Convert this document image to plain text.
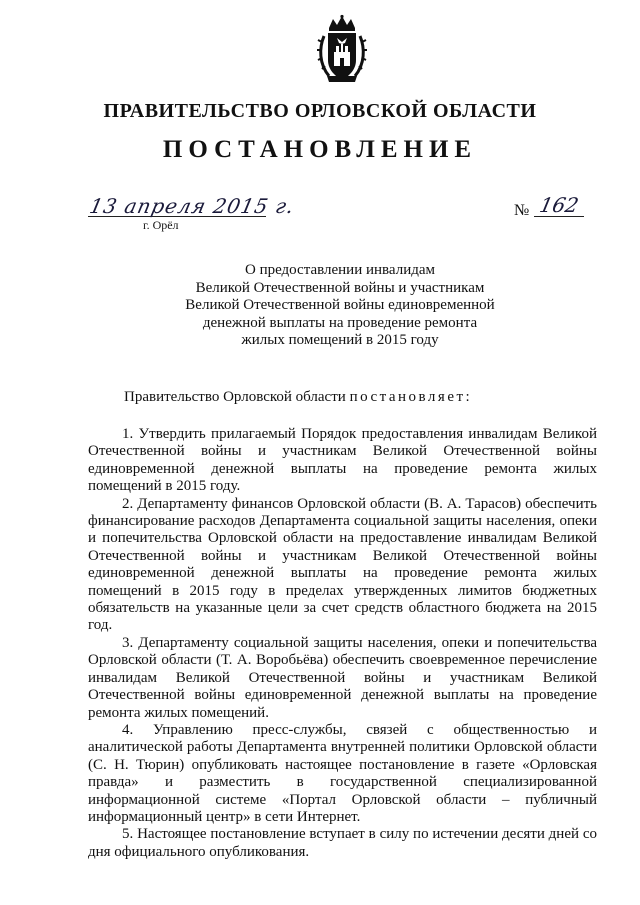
ПРАВИТЕЛЬСТВО ОРЛОВСКОЙ ОБЛАСТИ
ПОСТАНОВЛЕНИЕ
13 апреля 2015 г.
г. Орёл
№ 162
О предоставлении инвалидам
Великой Отечественной войны и участникам
Великой Отечественной войны единовременной
денежной выплаты на проведение ремонта
жилых помещений в 2015 году
Правительство Орловской области постановляет:

1. Утвердить прилагаемый Порядок предоставления инвалидам Великой Отечественной войны и участникам Великой Отечественной войны единовременной денежной выплаты на проведение ремонта жилых помещений в 2015 году.

2. Департаменту финансов Орловской области (В. А. Тарасов) обеспечить финансирование расходов Департамента социальной защиты населения, опеки и попечительства Орловской области на предоставление инвалидам Великой Отечественной войны и участникам Великой Отечественной войны единовременной денежной выплаты на проведение ремонта жилых помещений в 2015 году в пределах утвержденных лимитов бюджетных обязательств на указанные цели за счет средств областного бюджета на 2015 год.

3. Департаменту социальной защиты населения, опеки и попечительства Орловской области (Т. А. Воробьёва) обеспечить своевременное перечисление инвалидам Великой Отечественной войны и участникам Великой Отечественной войны единовременной денежной выплаты на проведение ремонта жилых помещений.

4. Управлению пресс-службы, связей с общественностью и аналитической работы Департамента внутренней политики Орловской области (С. Н. Тюрин) опубликовать настоящее постановление в газете «Орловская правда» и разместить в государственной специализированной информационной системе «Портал Орловской области – публичный информационный центр» в сети Интернет.

5. Настоящее постановление вступает в силу по истечении десяти дней со дня официального опубликования.
